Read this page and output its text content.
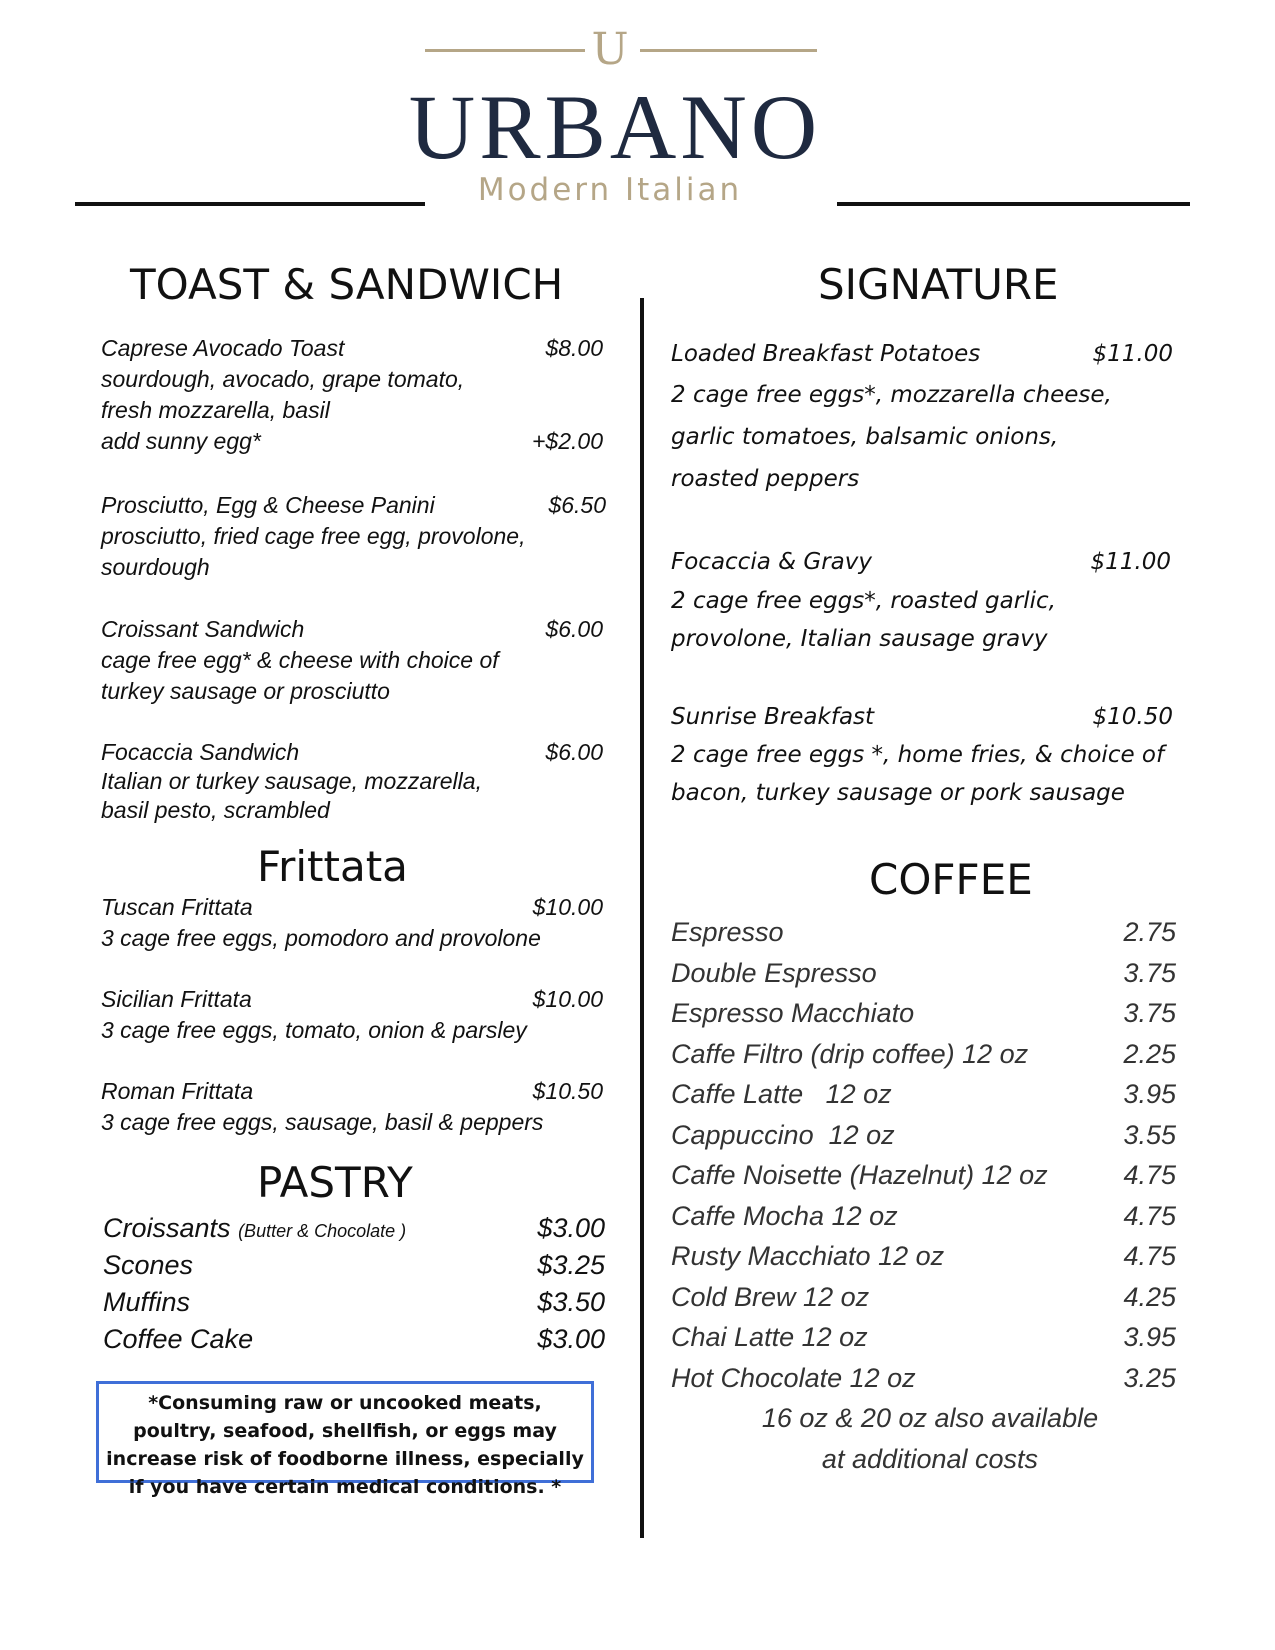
U
URBANO
Modern Italian
TOAST & SANDWICH
Caprese Avocado Toast	$8.00
sourdough, avocado, grape tomato,
fresh mozzarella, basil
add sunny egg*	+$2.00
Prosciutto, Egg & Cheese Panini	$6.50
prosciutto, fried cage free egg, provolone,
sourdough
Croissant Sandwich	$6.00
cage free egg* & cheese with choice of
turkey sausage or prosciutto
Focaccia Sandwich	$6.00
Italian or turkey sausage, mozzarella,
basil pesto, scrambled
Frittata
Tuscan Frittata	$10.00
3 cage free eggs, pomodoro and provolone
Sicilian Frittata	$10.00
3 cage free eggs, tomato, onion & parsley
Roman Frittata	$10.50
3 cage free eggs, sausage, basil & peppers
PASTRY
Croissants (Butter & Chocolate )	$3.00
Scones	$3.25
Muffins	$3.50
Coffee Cake	$3.00
*Consuming raw or uncooked meats, poultry, seafood, shellfish, or eggs may increase risk of foodborne illness, especially if you have certain medical conditions. *
SIGNATURE
Loaded Breakfast Potatoes	$11.00
2 cage free eggs*, mozzarella cheese,
garlic tomatoes, balsamic onions,
roasted peppers
Focaccia & Gravy	$11.00
2 cage free eggs*, roasted garlic,
provolone, Italian sausage gravy
Sunrise Breakfast	$10.50
2 cage free eggs *, home fries, & choice of
bacon, turkey sausage or pork sausage
COFFEE
Espresso	2.75
Double Espresso	3.75
Espresso Macchiato	3.75
Caffe Filtro (drip coffee) 12 oz	2.25
Caffe Latte   12 oz	3.95
Cappuccino  12 oz	3.55
Caffe Noisette (Hazelnut) 12 oz	4.75
Caffe Mocha 12 oz	4.75
Rusty Macchiato 12 oz	4.75
Cold Brew 12 oz	4.25
Chai Latte 12 oz	3.95
Hot Chocolate 12 oz	3.25
16 oz & 20 oz also available
at additional costs
